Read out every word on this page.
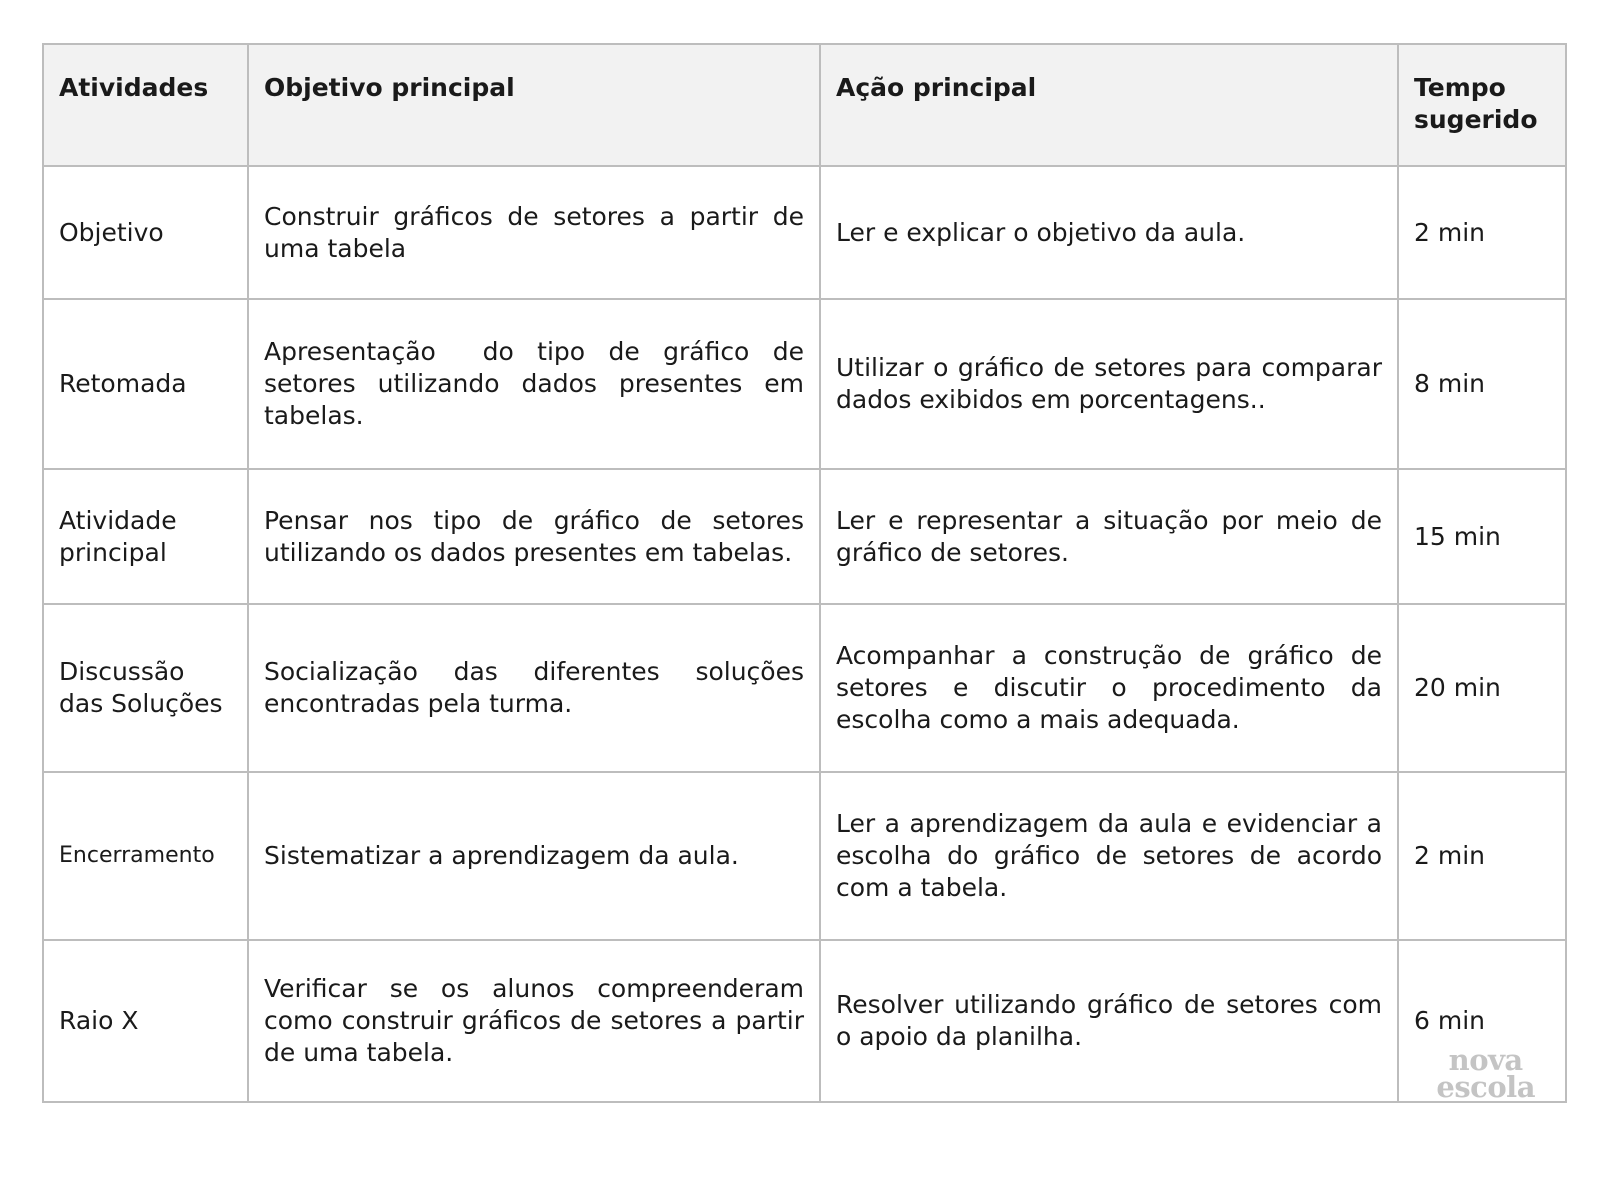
Atividades	Objetivo principal	Ação principal	Tempo sugerido
Objetivo	Construir gráficos de setores a partir de uma tabela	Ler e explicar o objetivo da aula.	2 min
Retomada	Apresentação  do tipo de gráfico de setores utilizando dados presentes em tabelas.	Utilizar o gráfico de setores para comparar dados exibidos em porcentagens..	8 min
Atividade principal	Pensar nos tipo de gráfico de setores utilizando os dados presentes em tabelas.	Ler e representar a situação por meio de gráfico de setores.	15 min
Discussão das Soluções	Socialização das diferentes soluções encontradas pela turma.	Acompanhar a construção de gráfico de setores e discutir o procedimento da escolha como a mais adequada.	20 min
Encerramento	Sistematizar a aprendizagem da aula.	Ler a aprendizagem da aula e evidenciar a escolha do gráfico de setores de acordo com a tabela.	2 min
Raio X	Verificar se os alunos compreenderam como construir gráficos de setores a partir de uma tabela.	Resolver utilizando gráfico de setores com o apoio da planilha.	6 min
nova
escola
